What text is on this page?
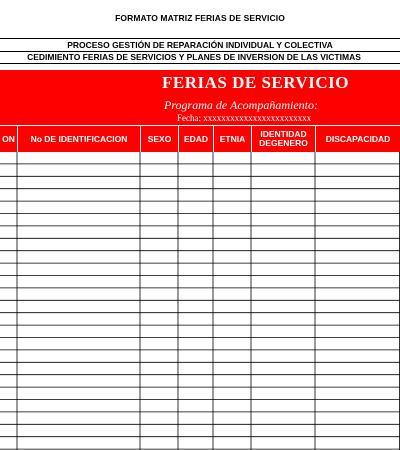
FORMATO MATRIZ FERIAS DE SERVICIO
PROCESO GESTIÓN DE REPARACIÓN INDIVIDUAL Y COLECTIVA
CEDIMIENTO FERIAS DE SERVICIOS Y PLANES DE INVERSION DE LAS VICTIMAS
FERIAS DE SERVICIO
Programa de Acompañamiento:
Fecha: xxxxxxxxxxxxxxxxxxxxxxxx
ON	No DE IDENTIFICACION	SEXO	EDAD	ETNIA	IDENTIDAD DEGENERO	DISCAPACIDAD
